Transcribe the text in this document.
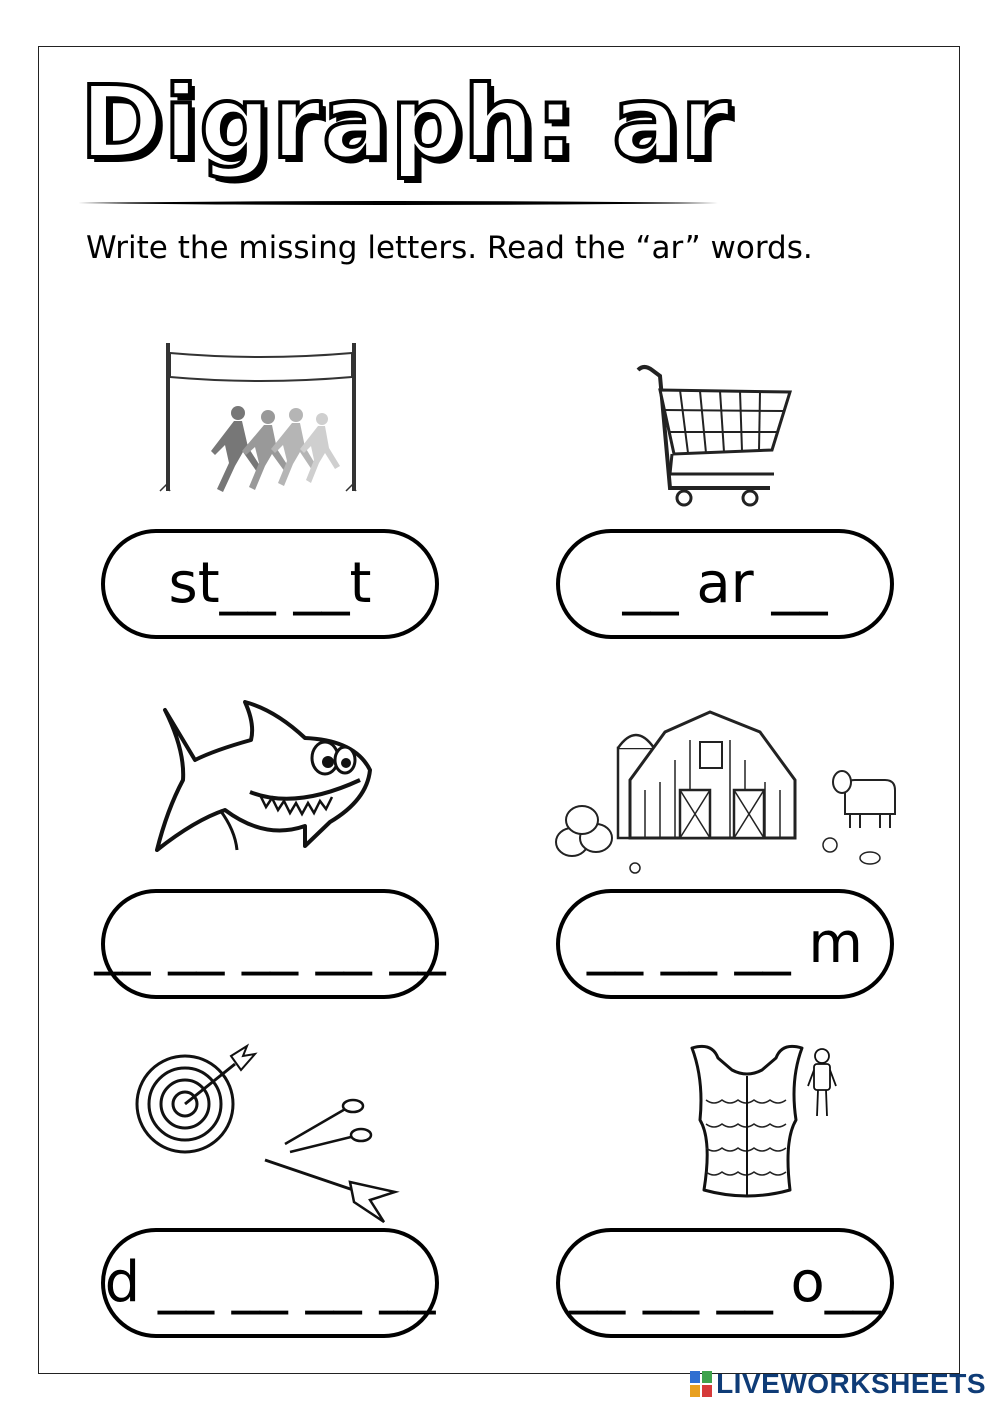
Digraph: ar
Write the missing letters. Read the “ar” words.
st__ __t	__ ar __
__ __ __ __ __	__ __ __ m
d __ __ __ __ __ __ __ o__
LIVEWORKSHEETS
